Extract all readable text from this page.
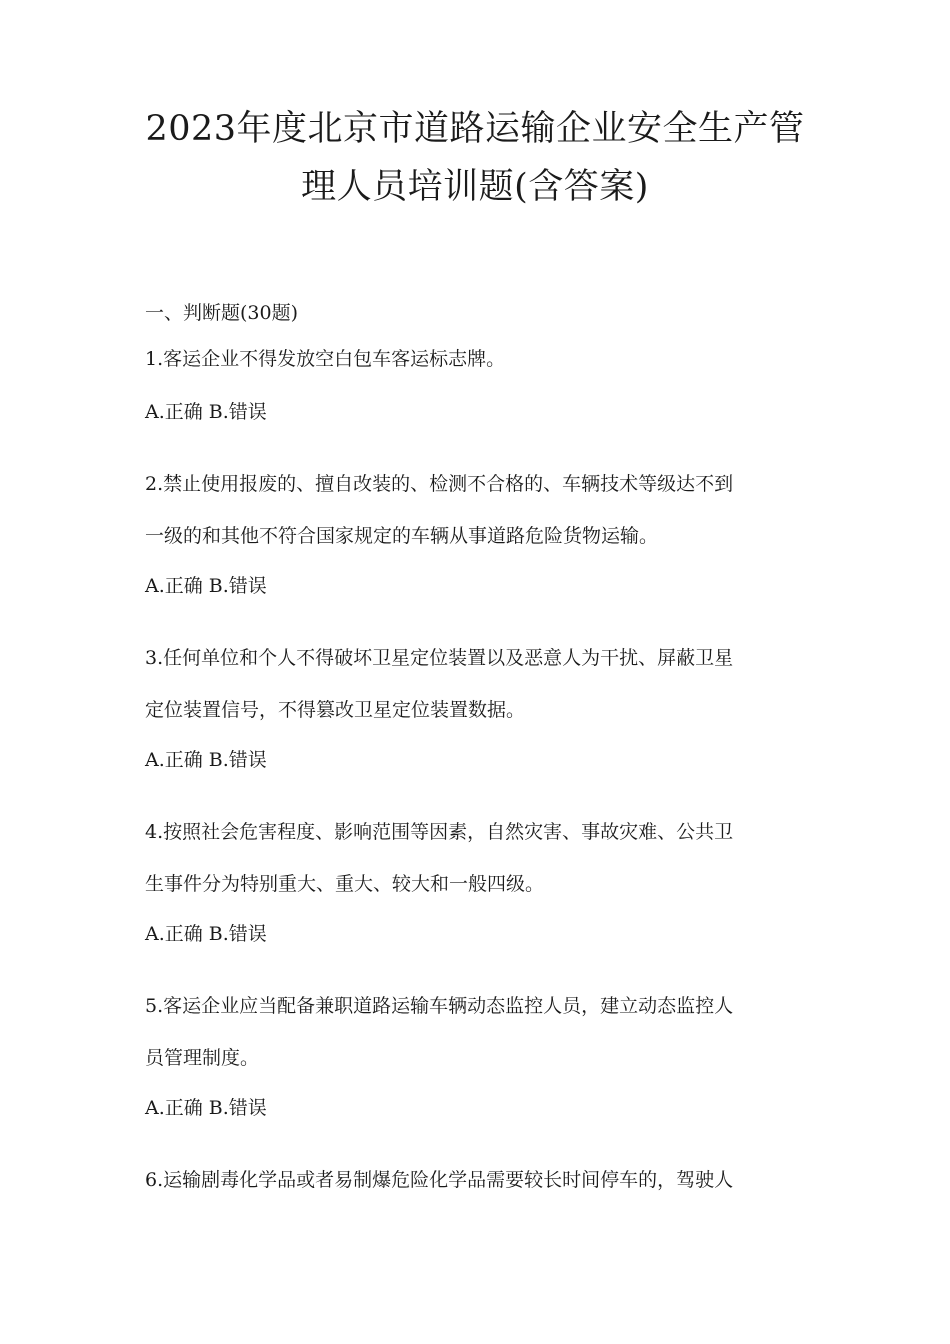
2023年度北京市道路运输企业安全生产管
理人员培训题(含答案)

一、判断题(30题)

1.客运企业不得发放空白包车客运标志牌。

A.正确 B.错误

2.禁止使用报废的、擅自改装的、检测不合格的、车辆技术等级达不到
一级的和其他不符合国家规定的车辆从事道路危险货物运输。

A.正确 B.错误

3.任何单位和个人不得破坏卫星定位装置以及恶意人为干扰、屏蔽卫星
定位装置信号，不得篡改卫星定位装置数据。

A.正确 B.错误

4.按照社会危害程度、影响范围等因素，自然灾害、事故灾难、公共卫
生事件分为特别重大、重大、较大和一般四级。

A.正确 B.错误

5.客运企业应当配备兼职道路运输车辆动态监控人员，建立动态监控人
员管理制度。

A.正确 B.错误

6.运输剧毒化学品或者易制爆危险化学品需要较长时间停车的，驾驶人
